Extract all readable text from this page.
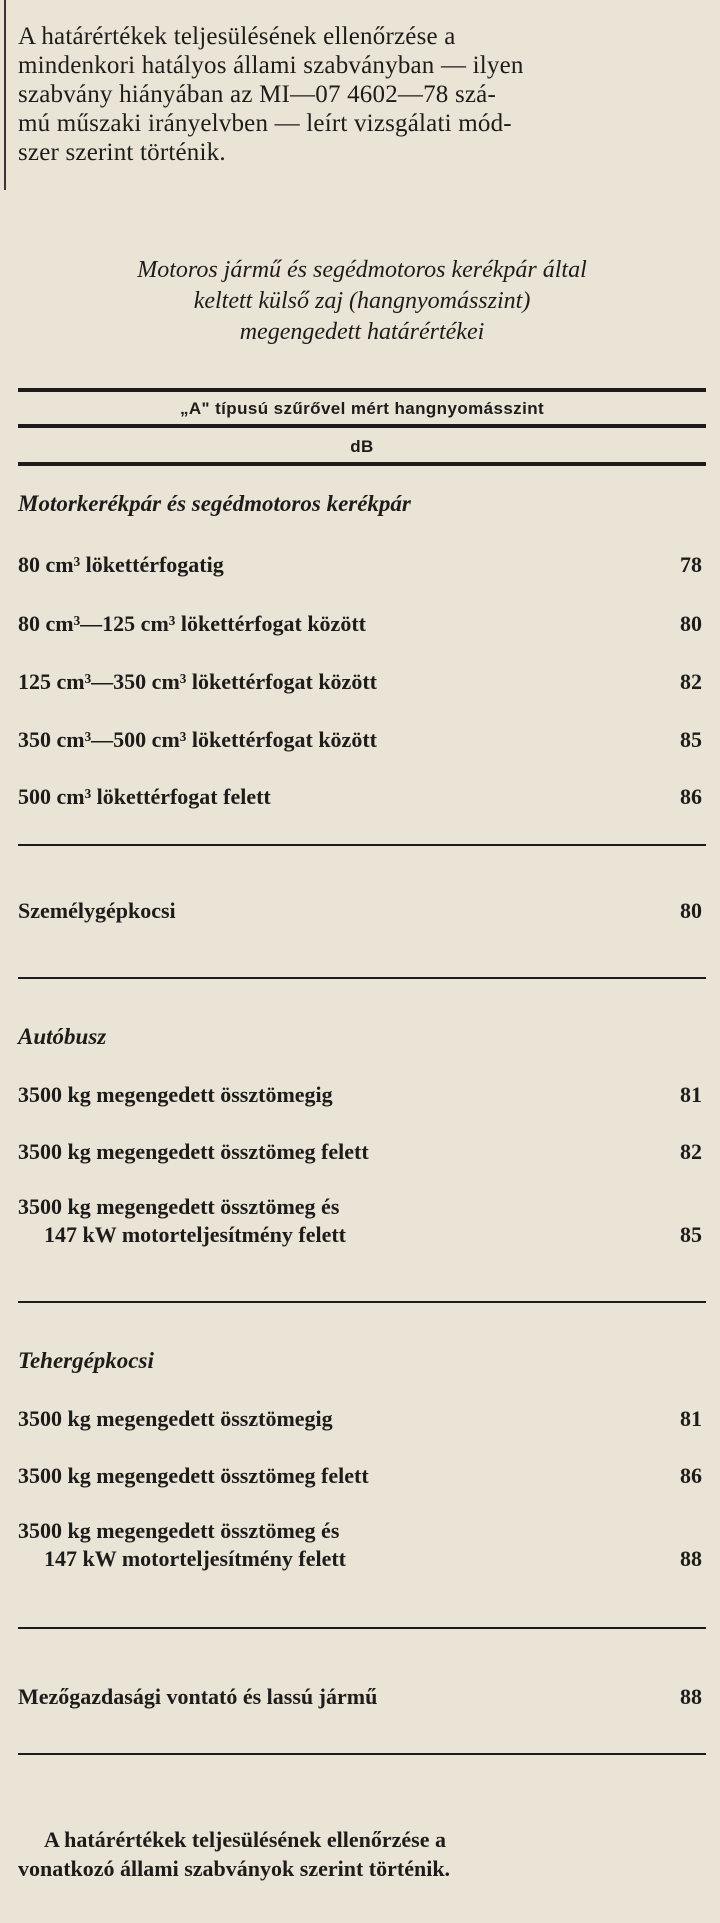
A határértékek teljesülésének ellenőrzése a
mindenkori hatályos állami szabványban — ilyen
szabvány hiányában az MI—07 4602—78 szá-
mú műszaki irányelvben — leírt vizsgálati mód-
szer szerint történik.
Motoros jármű és segédmotoros kerékpár által
keltett külső zaj (hangnyomásszint)
megengedett határértékei
„A" típusú szűrővel mért hangnyomásszint
dB
Motorkerékpár és segédmotoros kerékpár
80 cm³ lökettérfogatig	78
80 cm³—125 cm³ lökettérfogat között	80
125 cm³—350 cm³ lökettérfogat között	82
350 cm³—500 cm³ lökettérfogat között	85
500 cm³ lökettérfogat felett	86
Személygépkocsi	80
Autóbusz
3500 kg megengedett össztömegig	81
3500 kg megengedett össztömeg felett	82
3500 kg megengedett össztömeg és
147 kW motorteljesítmény felett	85
Tehergépkocsi
3500 kg megengedett össztömegig	81
3500 kg megengedett össztömeg felett	86
3500 kg megengedett össztömeg és
147 kW motorteljesítmény felett	88
Mezőgazdasági vontató és lassú jármű	88
A határértékek teljesülésének ellenőrzése a
vonatkozó állami szabványok szerint történik.
